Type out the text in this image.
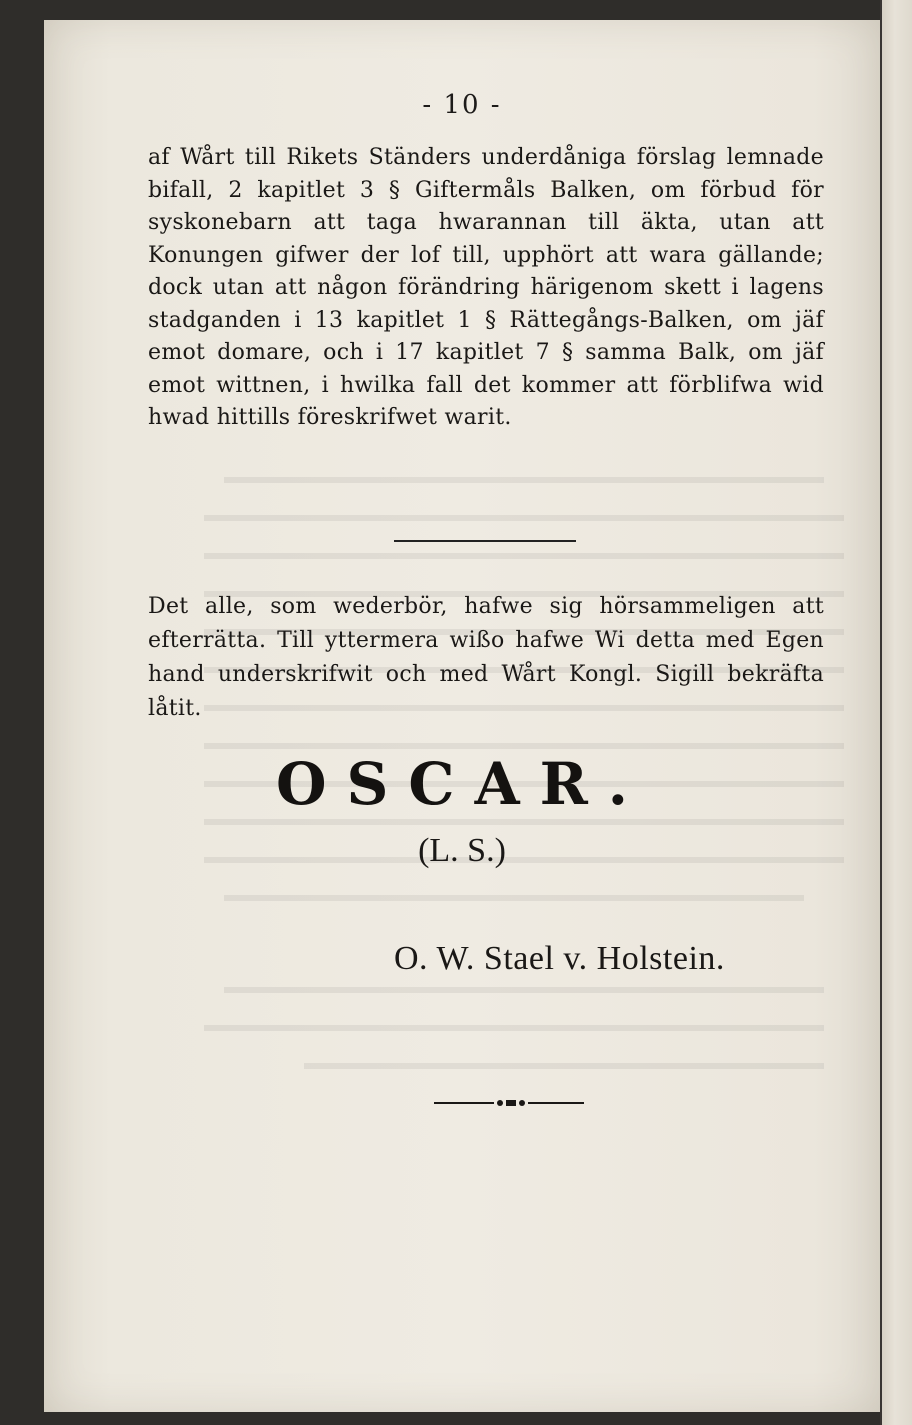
- 10 -
af Wårt till Rikets Ständers underdåniga förslag lemnade bifall, 2 kapitlet 3 § Giftermåls Balken, om förbud för syskonebarn att taga hwarannan till äkta, utan att Konungen gifwer der lof till, upphört att wara gällande; dock utan att någon förändring härigenom skett i lagens stadganden i 13 kapitlet 1 § Rättegångs-Balken, om jäf emot domare, och i 17 kapitlet 7 § samma Balk, om jäf emot wittnen, i hwilka fall det kommer att förblifwa wid hwad hittills föreskrifwet warit.
Det alle, som wederbör, hafwe sig hörsammeligen att efterrätta. Till yttermera wißo hafwe Wi detta med Egen hand underskrifwit och med Wårt Kongl. Sigill bekräfta låtit.
OSCAR.
(L. S.)
O. W. Stael v. Holstein.
